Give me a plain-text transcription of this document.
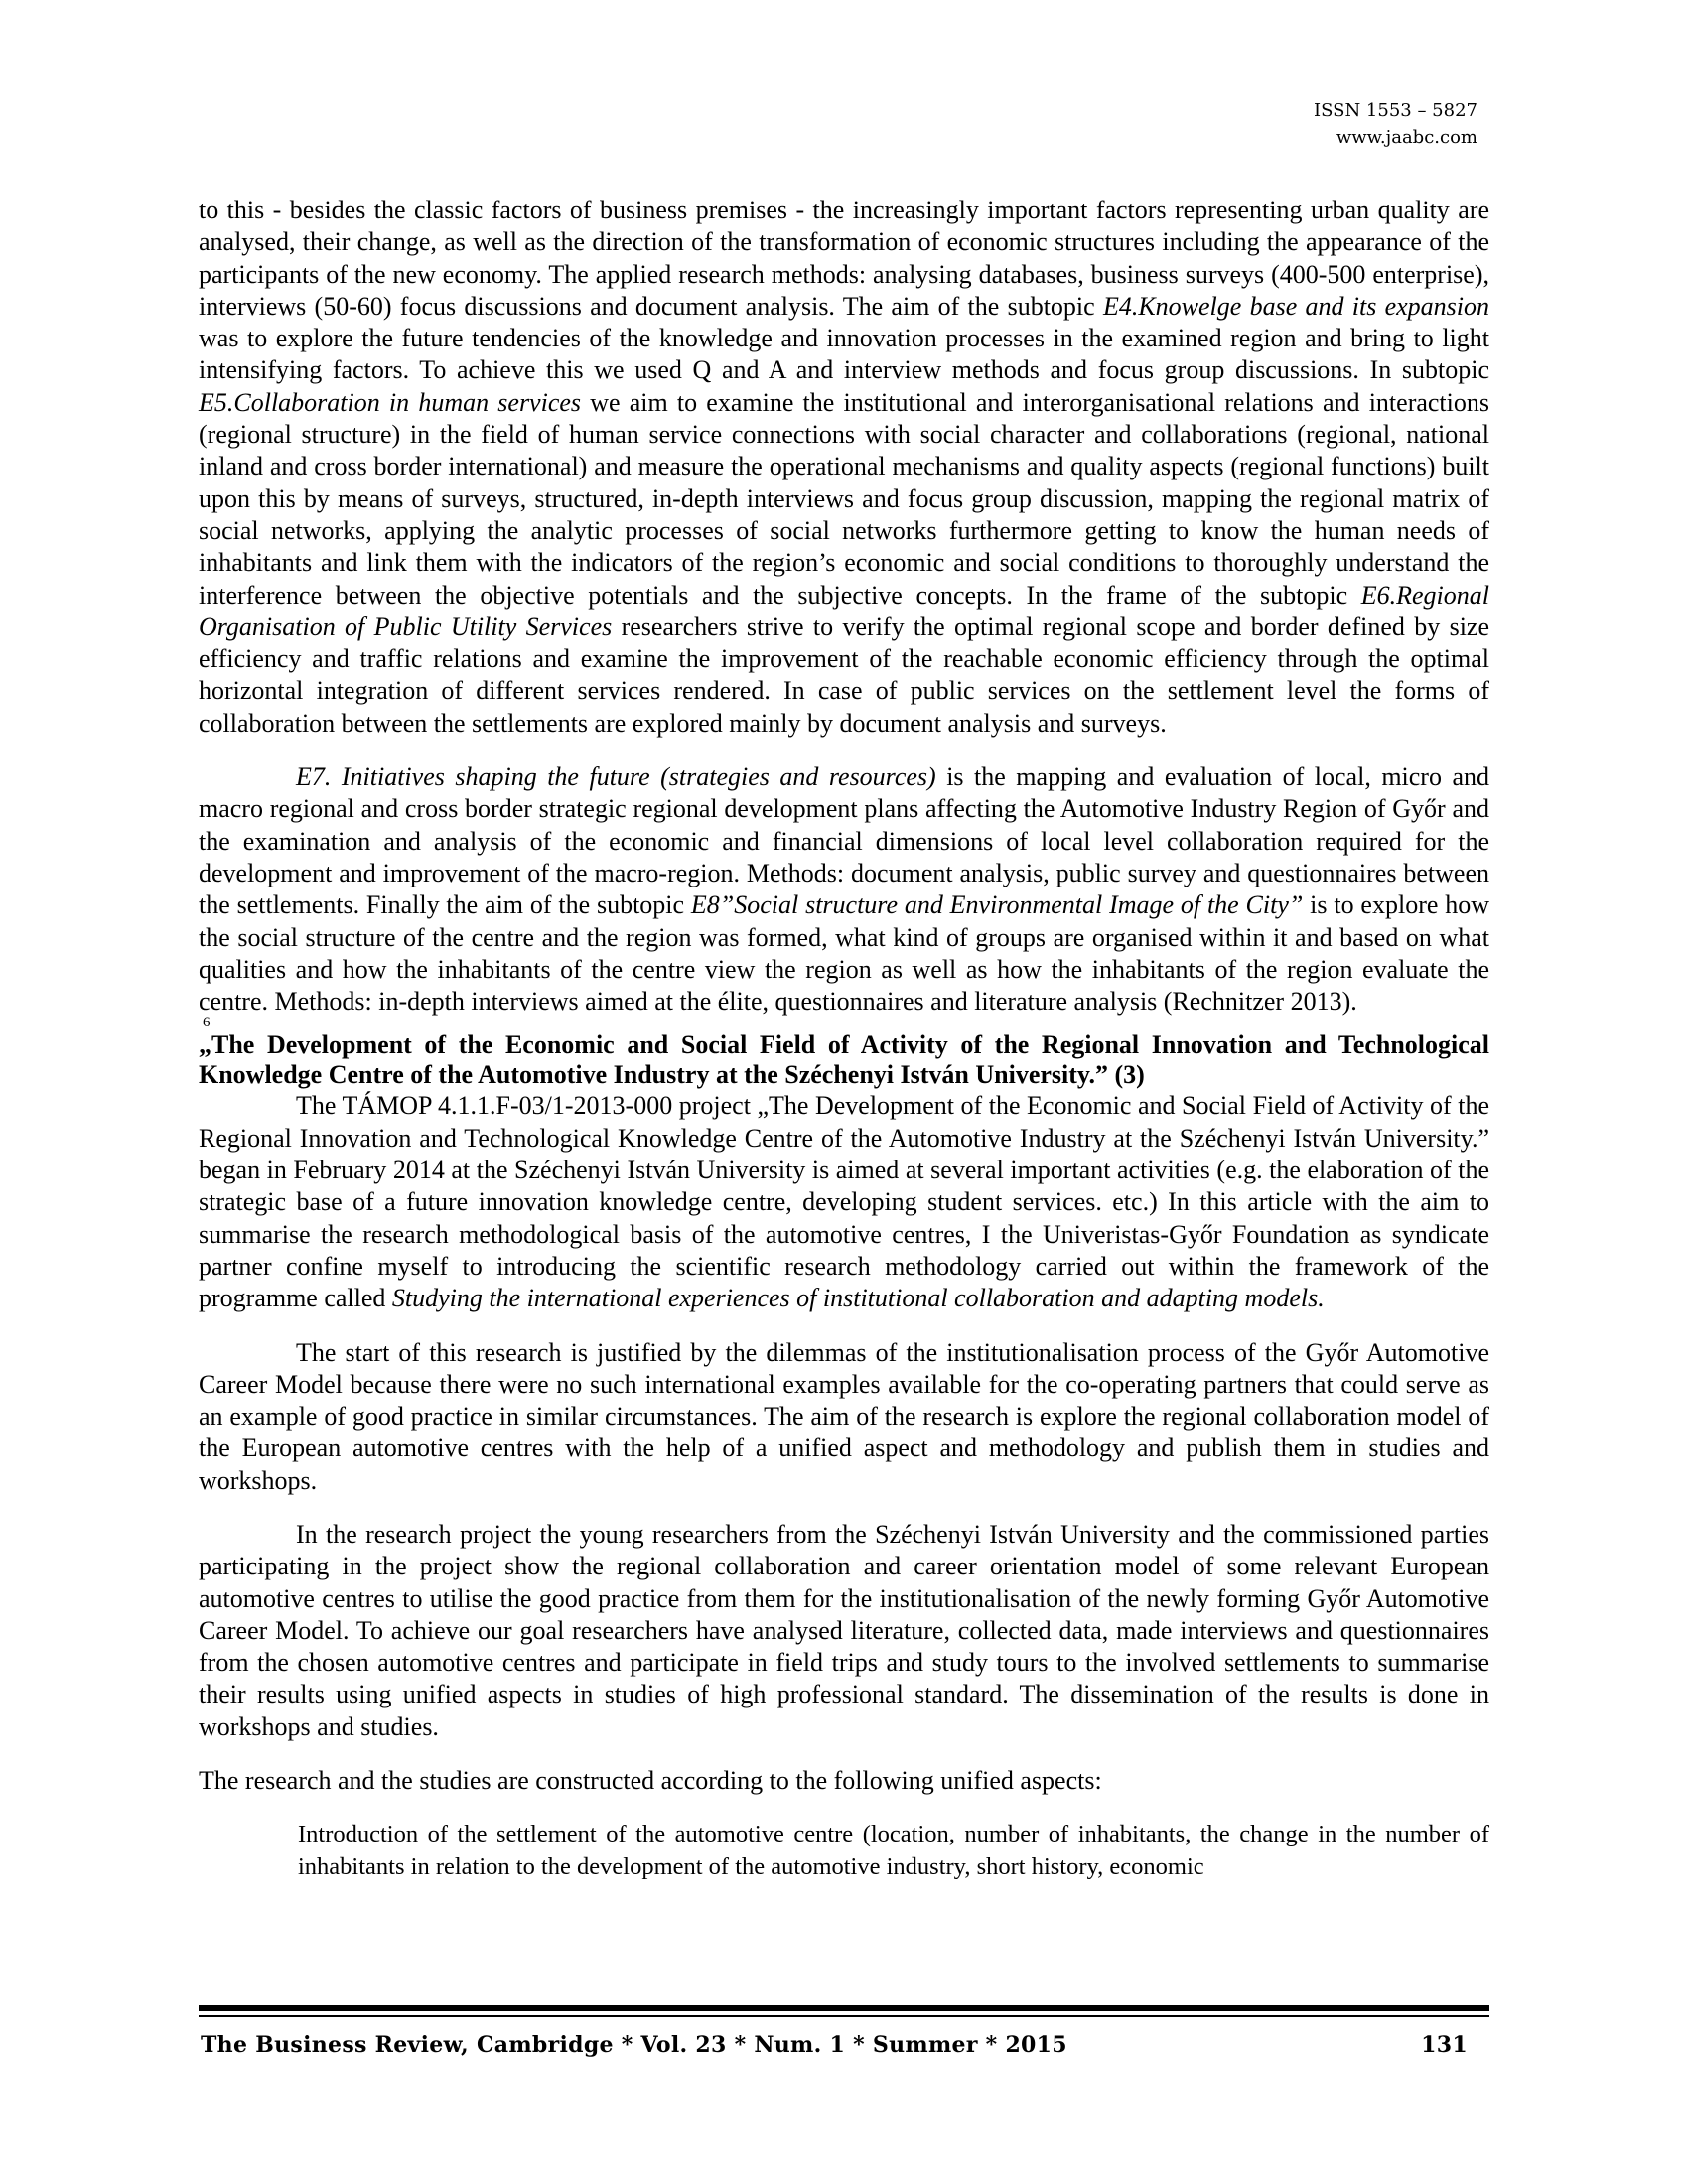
ISSN 1553 – 5827
www.jaabc.com

to this - besides the classic factors of business premises - the increasingly important factors representing urban quality are analysed, their change, as well as the direction of the transformation of economic structures including the appearance of the participants of the new economy. The applied research methods: analysing databases, business surveys (400-500 enterprise), interviews (50-60) focus discussions and document analysis. The aim of the subtopic E4.Knowelge base and its expansion was to explore the future tendencies of the knowledge and innovation processes in the examined region and bring to light intensifying factors. To achieve this we used Q and A and interview methods and focus group discussions. In subtopic E5.Collaboration in human services we aim to examine the institutional and interorganisational relations and interactions (regional structure) in the field of human service connections with social character and collaborations (regional, national inland and cross border international) and measure the operational mechanisms and quality aspects (regional functions) built upon this by means of surveys, structured, in-depth interviews and focus group discussion, mapping the regional matrix of social networks, applying the analytic processes of social networks furthermore getting to know the human needs of inhabitants and link them with the indicators of the region’s economic and social conditions to thoroughly understand the interference between the objective potentials and the subjective concepts. In the frame of the subtopic E6.Regional Organisation of Public Utility Services researchers strive to verify the optimal regional scope and border defined by size efficiency and traffic relations and examine the improvement of the reachable economic efficiency through the optimal horizontal integration of different services rendered. In case of public services on the settlement level the forms of collaboration between the settlements are explored mainly by document analysis and surveys.

E7. Initiatives shaping the future (strategies and resources) is the mapping and evaluation of local, micro and macro regional and cross border strategic regional development plans affecting the Automotive Industry Region of Győr and the examination and analysis of the economic and financial dimensions of local level collaboration required for the development and improvement of the macro-region. Methods: document analysis, public survey and questionnaires between the settlements. Finally the aim of the subtopic E8”Social structure and Environmental Image of the City” is to explore how the social structure of the centre and the region was formed, what kind of groups are organised within it and based on what qualities and how the inhabitants of the centre view the region as well as how the inhabitants of the region evaluate the centre. Methods: in-depth interviews aimed at the élite, questionnaires and literature analysis (Rechnitzer 2013).

6

„The Development of the Economic and Social Field of Activity of the Regional Innovation and Technological Knowledge Centre of the Automotive Industry at the Széchenyi István University.” (3)

The TÁMOP 4.1.1.F-03/1-2013-000 project „The Development of the Economic and Social Field of Activity of the Regional Innovation and Technological Knowledge Centre of the Automotive Industry at the Széchenyi István University.” began in February 2014 at the Széchenyi István University is aimed at several important activities (e.g. the elaboration of the strategic base of a future innovation knowledge centre, developing student services. etc.) In this article with the aim to summarise the research methodological basis of the automotive centres, I the Univeristas-Győr Foundation as syndicate partner confine myself to introducing the scientific research methodology carried out within the framework of the programme called Studying the international experiences of institutional collaboration and adapting models.

The start of this research is justified by the dilemmas of the institutionalisation process of the Győr Automotive Career Model because there were no such international examples available for the co-operating partners that could serve as an example of good practice in similar circumstances. The aim of the research is explore the regional collaboration model of the European automotive centres with the help of a unified aspect and methodology and publish them in studies and workshops.

In the research project the young researchers from the Széchenyi István University and the commissioned parties participating in the project show the regional collaboration and career orientation model of some relevant European automotive centres to utilise the good practice from them for the institutionalisation of the newly forming Győr Automotive Career Model. To achieve our goal researchers have analysed literature, collected data, made interviews and questionnaires from the chosen automotive centres and participate in field trips and study tours to the involved settlements to summarise their results using unified aspects in studies of high professional standard. The dissemination of the results is done in workshops and studies.

The research and the studies are constructed according to the following unified aspects:

Introduction of the settlement of the automotive centre (location, number of inhabitants, the change in the number of inhabitants in relation to the development of the automotive industry, short history, economic

The Business Review, Cambridge * Vol. 23 * Num. 1 * Summer * 2015	131
